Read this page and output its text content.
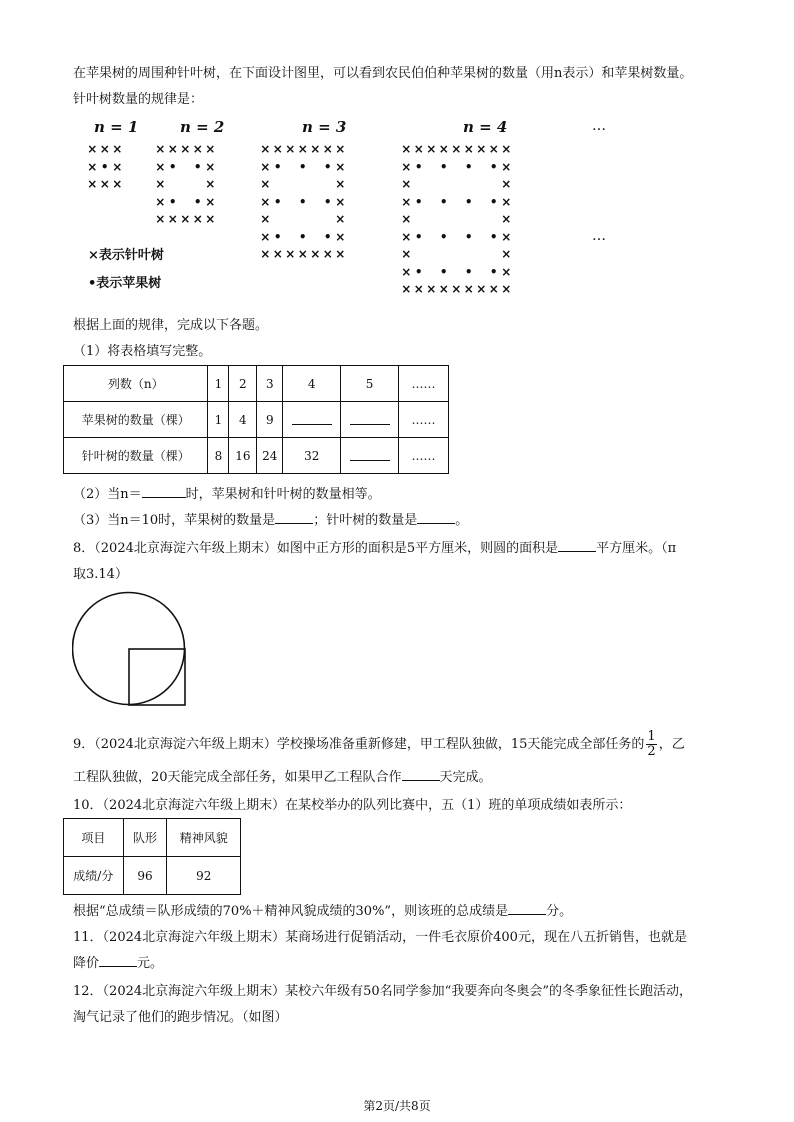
在苹果树的周围种针叶树，在下面设计图里，可以看到农民伯伯种苹果树的数量（用n表示）和苹果树数量。
针叶树数量的规律是：
n = 1	n = 2	n = 3	n = 4	…
…
× × ×
× • ×
× × ×
× × × × ×
× • • ×
×	×
× • • ×
× × × × ×
× × × × × × ×
× • • • ×
×	×
× • • • ×
×	×
× • • • ×
× × × × × × ×
× × × × × × × × ×
× • • • • ×
×	×
× • • • • ×
×	×
× • • • • ×
×	×
× • • • • ×
× × × × × × × × ×
×表示针叶树
•表示苹果树
根据上面的规律，完成以下各题。
（1）将表格填写完整。
列数（n）	1	2	3	4	5	……
苹果树的数量（棵）	1	4	9			……
针叶树的数量（棵）	8	16	24	32		……
（2）当n＝	时，苹果树和针叶树的数量相等。
（3）当n＝10时，苹果树的数量是	；针叶树的数量是	。
8．（2024北京海淀六年级上期末）如图中正方形的面积是5平方厘米，则圆的面积是	平方厘米。（π
取3.14）
9．（2024北京海淀六年级上期末）学校操场准备重新修建，甲工程队独做，15天能完成全部任务的 $\frac{1}{2}$ ，乙
工程队独做，20天能完成全部任务，如果甲乙工程队合作	天完成。
10．（2024北京海淀六年级上期末）在某校举办的队列比赛中，五（1）班的单项成绩如表所示：
项目	队形	精神风貌
成绩/分	96	92
根据“总成绩＝队形成绩的70%＋精神风貌成绩的30%”，则该班的总成绩是	分。
11．（2024北京海淀六年级上期末）某商场进行促销活动，一件毛衣原价400元，现在八五折销售，也就是
降价	元。
12．（2024北京海淀六年级上期末）某校六年级有50名同学参加“我要奔向冬奥会”的冬季象征性长跑活动，
淘气记录了他们的跑步情况。（如图）
第2页/共8页
